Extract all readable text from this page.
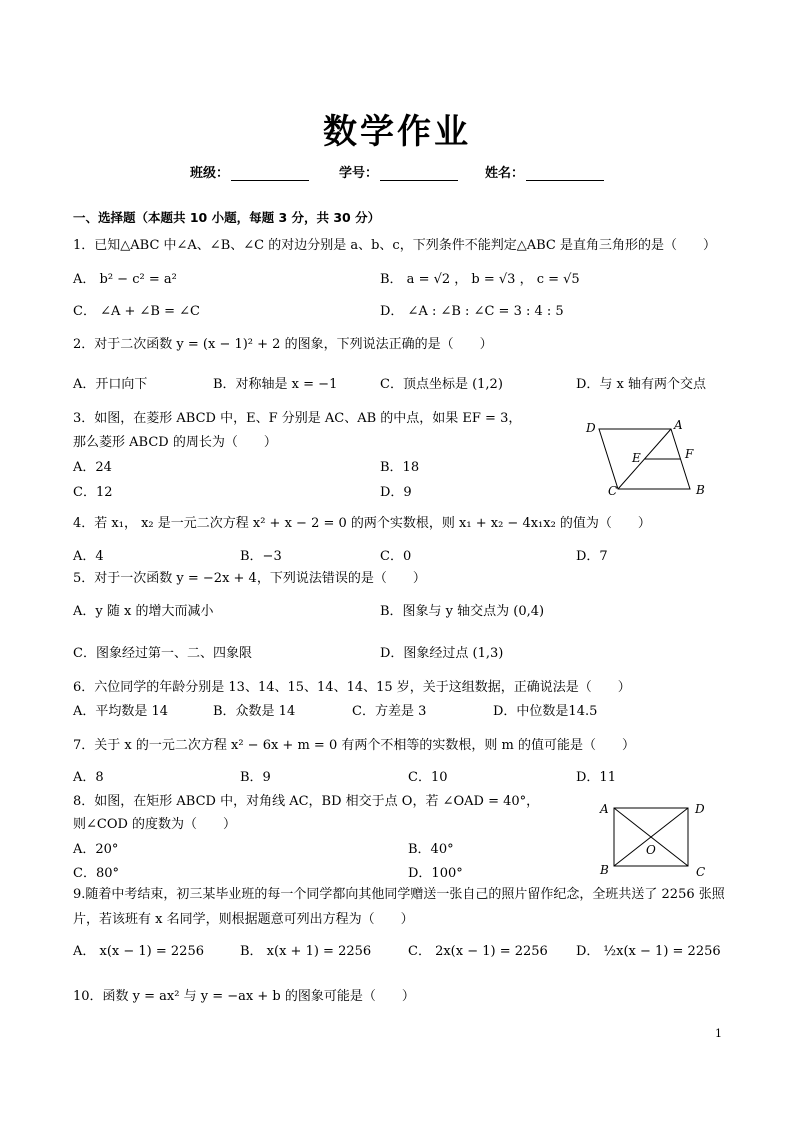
数学作业
班级：	学号：	姓名：
一、选择题（本题共 10 小题，每题 3 分，共 30 分）
1．已知△ABC 中∠A、∠B、∠C 的对边分别是 a、b、c，下列条件不能判定△ABC 是直角三角形的是（　　）
A． b² − c² = a²	B． a = √2 ， b = √3 ， c = √5
C． ∠A + ∠B = ∠C	D． ∠A : ∠B : ∠C = 3 : 4 : 5
2．对于二次函数 y = (x − 1)² + 2 的图象，下列说法正确的是（　　）
A．开口向下	B．对称轴是 x = −1	C．顶点坐标是 (1,2)	D．与 x 轴有两个交点
3．如图，在菱形 ABCD 中，E、F 分别是 AC、AB 的中点，如果 EF = 3，
那么菱形 ABCD 的周长为（　　）
A．24	B．18
C．12	D．9
D	A
E	F
C	B
4．若 x₁， x₂ 是一元二次方程 x² + x − 2 = 0 的两个实数根，则 x₁ + x₂ − 4x₁x₂ 的值为（　　）
A．4	B．−3	C．0	D．7
5．对于一次函数 y = −2x + 4，下列说法错误的是（　　）
A．y 随 x 的增大而减小	B．图象与 y 轴交点为 (0,4)
C．图象经过第一、二、四象限	D．图象经过点 (1,3)
6．六位同学的年龄分别是 13、14、15、14、14、15 岁，关于这组数据，正确说法是（　　）
A．平均数是 14	B．众数是 14	C．方差是 3	D．中位数是14.5
7．关于 x 的一元二次方程 x² − 6x + m = 0 有两个不相等的实数根，则 m 的值可能是（　　）
A．8	B．9	C．10	D．11
8．如图，在矩形 ABCD 中，对角线 AC，BD 相交于点 O，若 ∠OAD = 40°，
则∠COD 的度数为（　　）
A．20°	B．40°
C．80°	D．100°
A	D
O
B	C
9.随着中考结束，初三某毕业班的每一个同学都向其他同学赠送一张自己的照片留作纪念，全班共送了 2256 张照片，若该班有 x 名同学，则根据题意可列出方程为（　　）
A． x(x − 1) = 2256	B． x(x + 1) = 2256	C． 2x(x − 1) = 2256 D． ½x(x − 1) = 2256
10．函数 y = ax² 与 y = −ax + b 的图象可能是（　　）
1
